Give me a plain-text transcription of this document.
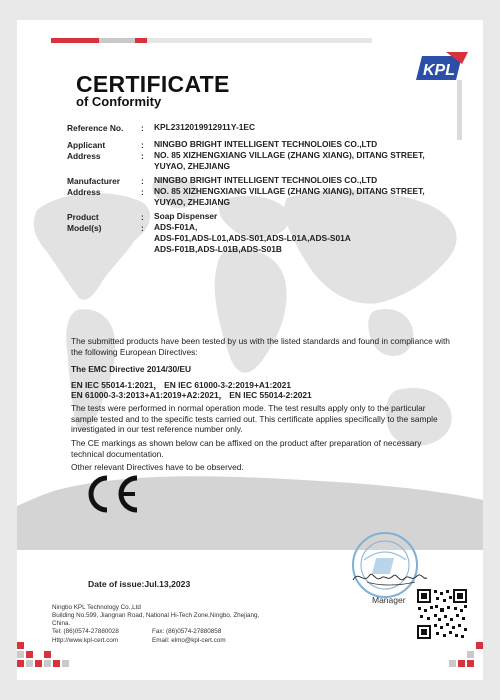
KPL
CERTIFICATE
of Conformity
Reference No. : KPL2312019912911Y-1EC
Applicant	: NINGBO BRIGHT INTELLIGENT TECHNOLOIES CO.,LTD
Address	: NO. 85 XIZHENGXIANG VILLAGE (ZHANG XIANG), DITANG STREET,
YUYAO, ZHEJIANG
Manufacturer : NINGBO BRIGHT INTELLIGENT TECHNOLOIES CO.,LTD
Address	: NO. 85 XIZHENGXIANG VILLAGE (ZHANG XIANG), DITANG STREET,
YUYAO, ZHEJIANG
Product	: Soap Dispenser
Model(s)	: ADS-F01A,
ADS-F01,ADS-L01,ADS-S01,ADS-L01A,ADS-S01A
ADS-F01B,ADS-L01B,ADS-S01B
The submitted products have been tested by us with the listed standards and found in compliance with the following European Directives:
The EMC Directive 2014/30/EU
EN IEC 55014-1:2021， EN IEC 61000-3-2:2019+A1:2021
EN 61000-3-3:2013+A1:2019+A2:2021， EN IEC 55014-2:2021
The tests were performed in normal operation mode. The test results apply only to the particular sample tested and to the specific tests carried out. This certificate applies specifically to the sample investigated in our test reference number only.
The CE markings as shown below can be affixed on the product after preparation of necessary technical documentation.
Other relevant Directives have to be observed.
Manager
Date of issue:Jul.13,2023
Ningbo KPL Technology Co.,Ltd
Building No.599, Jiangnan Road, National Hi-Tech Zone,Ningbo, Zhejiang,
China.
Tel: (86)0574-27880028	Fax: (86)0574-27880858
Http://www.kpl-cert.com	Email: elmo@kpl-cert.com
